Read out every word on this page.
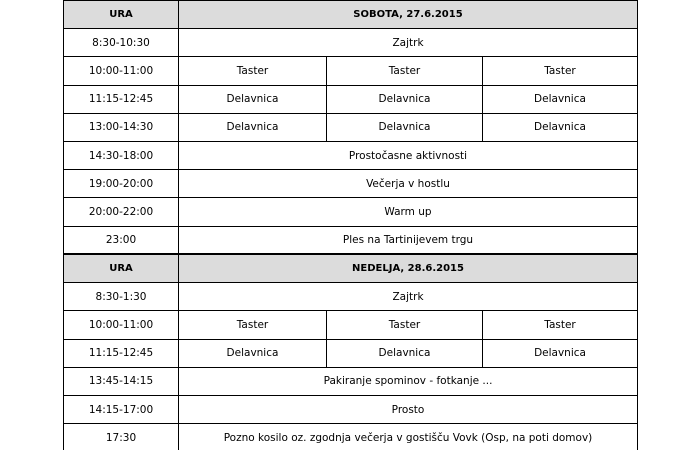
URA	SOBOTA, 27.6.2015		
8:30-10:30	Zajtrk		
10:00-11:00	Taster	Taster	Taster
11:15-12:45	Delavnica	Delavnica	Delavnica
13:00-14:30	Delavnica	Delavnica	Delavnica
14:30-18:00	Prostočasne aktivnosti		
19:00-20:00	Večerja v hostlu		
20:00-22:00	Warm up		
23:00	Ples na Tartinijevem trgu		
URA	NEDELJA, 28.6.2015		
8:30-1:30	Zajtrk		
10:00-11:00	Taster	Taster	Taster
11:15-12:45	Delavnica	Delavnica	Delavnica
13:45-14:15	Pakiranje spominov - fotkanje ...		
14:15-17:00	Prosto		
17:30	Pozno kosilo oz. zgodnja večerja v gostišču Vovk (Osp, na poti domov)		
